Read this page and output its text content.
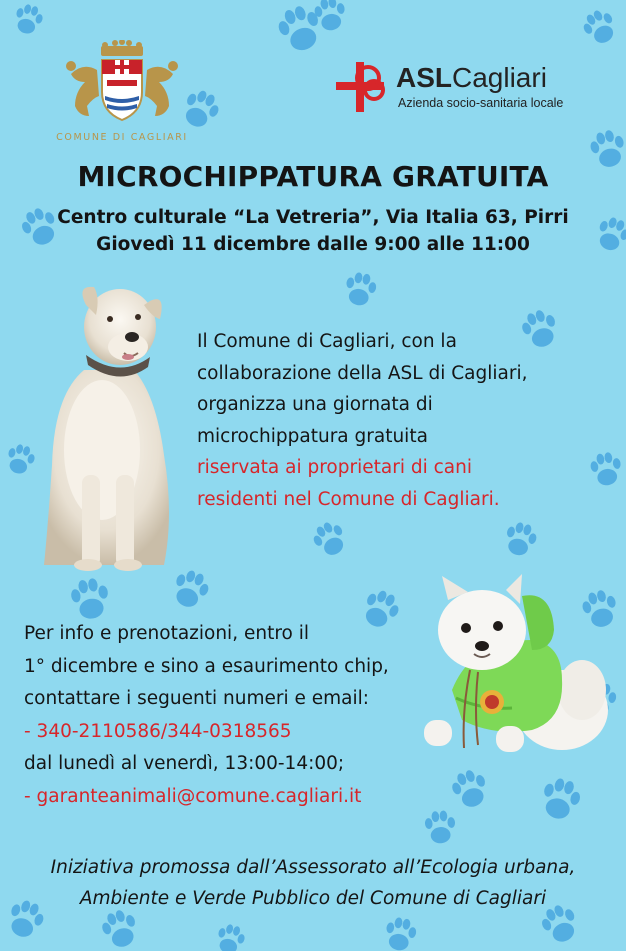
COMUNE DI CAGLIARI
ASLCagliari
Azienda socio-sanitaria locale
MICROCHIPPATURA GRATUITA
Centro culturale “La Vetreria”, Via Italia 63, Pirri
Giovedì 11 dicembre dalle 9:00 alle 11:00
Il Comune di Cagliari, con la
collaborazione della ASL di Cagliari,
organizza una giornata di
microchippatura gratuita
riservata ai proprietari di cani
residenti nel Comune di Cagliari.
Per info e prenotazioni, entro il
1° dicembre e sino a esaurimento chip,
contattare i seguenti numeri e email:
- 340-2110586/344-0318565
dal lunedì al venerdì, 13:00-14:00;
- garanteanimali@comune.cagliari.it
Iniziativa promossa dall’Assessorato all’Ecologia urbana,
Ambiente e Verde Pubblico del Comune di Cagliari
